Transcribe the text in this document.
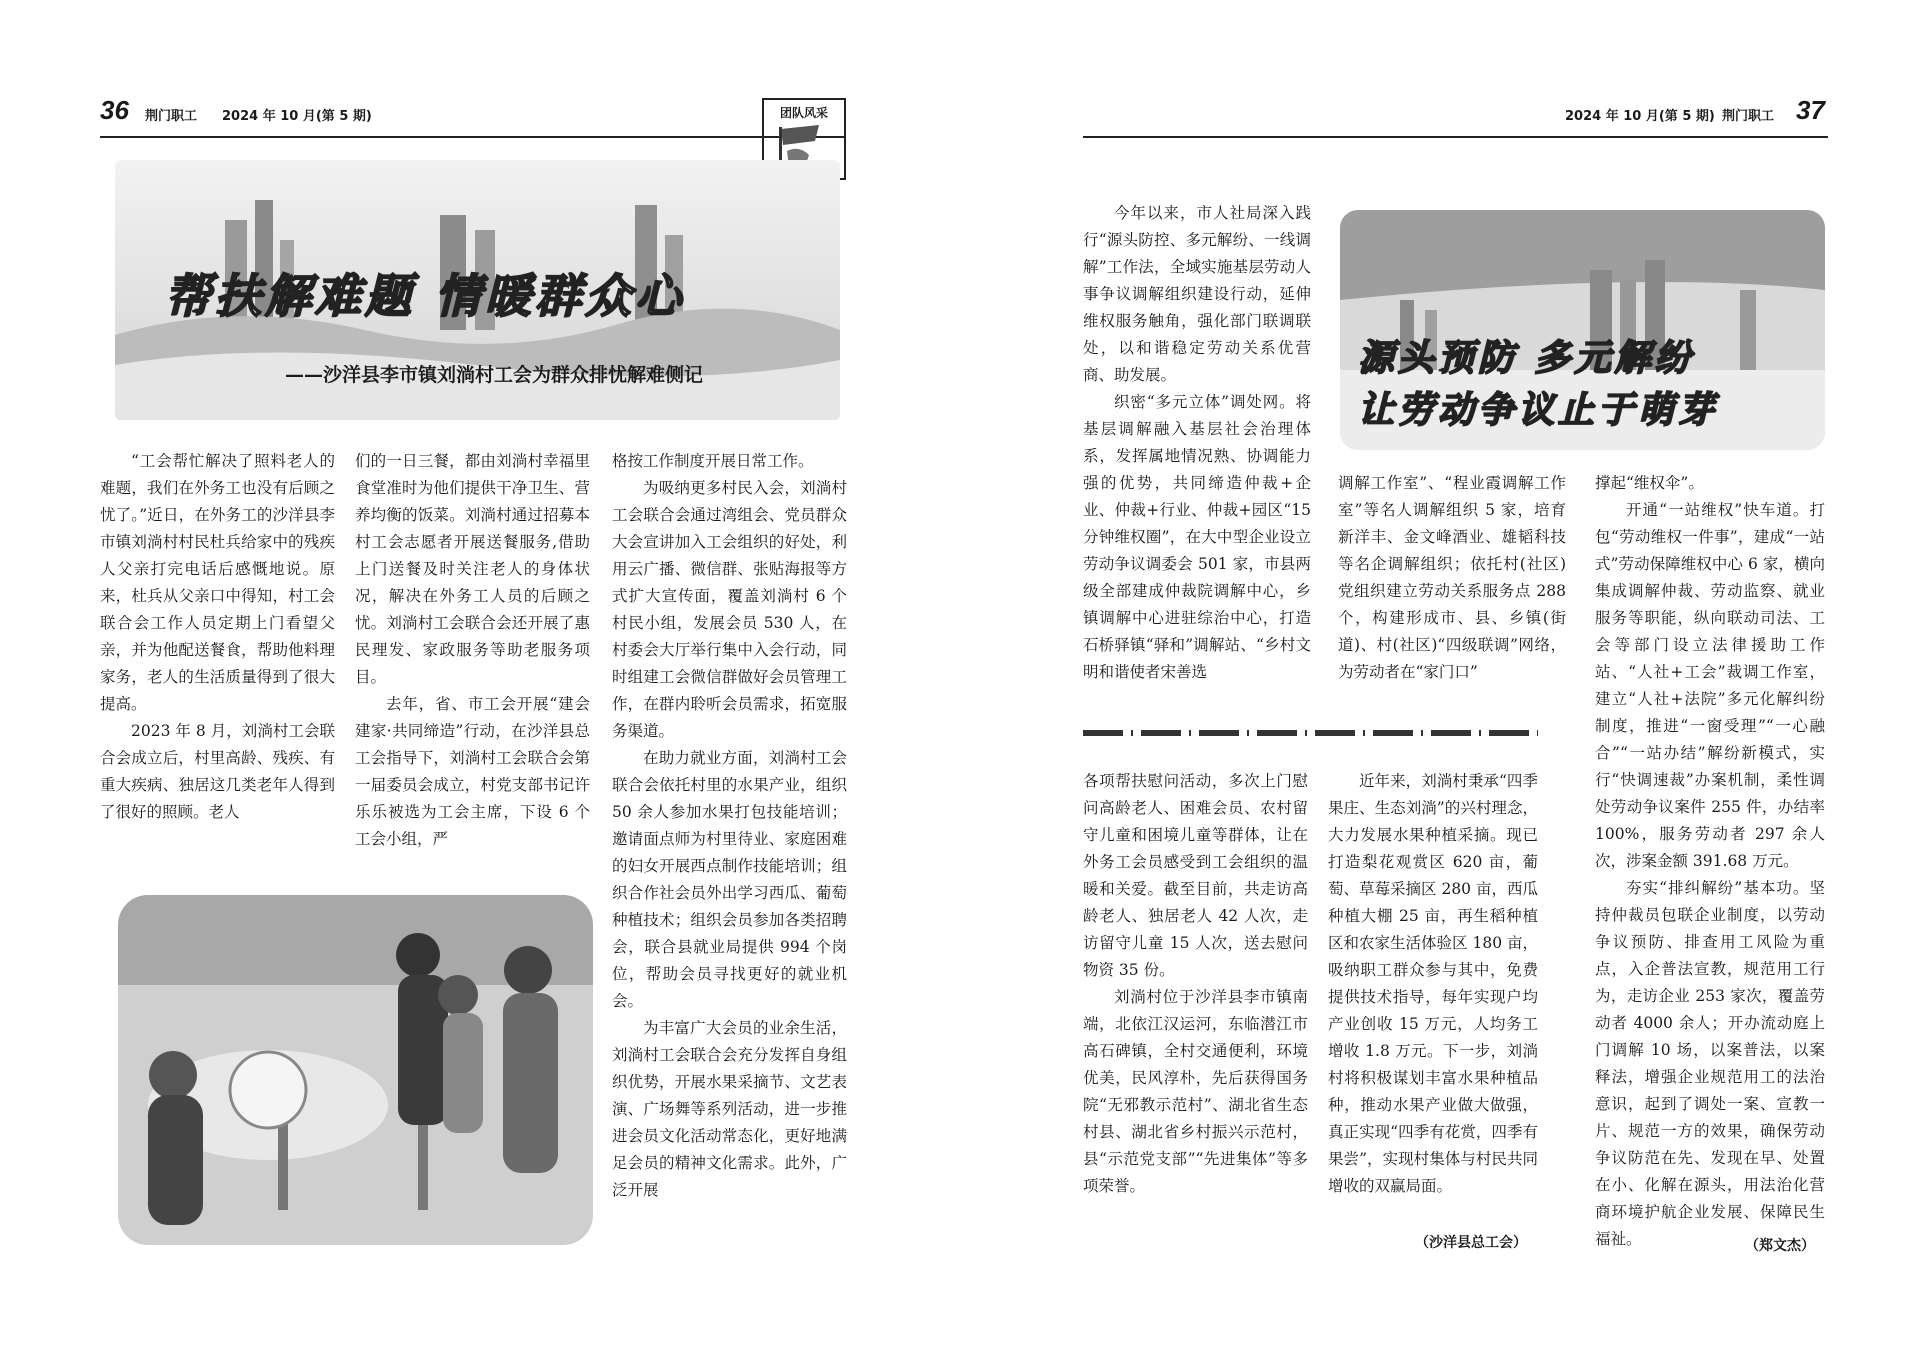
36 荆门职工 2024 年 10 月(第 5 期)	团队风采
帮扶解难题 情暖群众心
——沙洋县李市镇刘淌村工会为群众排忧解难侧记

“工会帮忙解决了照料老人的难题，我们在外务工也没有后顾之忧了。”近日，在外务工的沙洋县李市镇刘淌村村民杜兵给家中的残疾人父亲打完电话后感慨地说。原来，杜兵从父亲口中得知，村工会联合会工作人员定期上门看望父亲，并为他配送餐食，帮助他料理家务，老人的生活质量得到了很大提高。

2023 年 8 月，刘淌村工会联合会成立后，村里高龄、残疾、有重大疾病、独居这几类老年人得到了很好的照顾。老人

们的一日三餐，都由刘淌村幸福里食堂准时为他们提供干净卫生、营养均衡的饭菜。刘淌村通过招募本村工会志愿者开展送餐服务,借助上门送餐及时关注老人的身体状况，解决在外务工人员的后顾之忧。刘淌村工会联合会还开展了惠民理发、家政服务等助老服务项目。

去年，省、市工会开展“建会建家·共同缔造”行动，在沙洋县总工会指导下，刘淌村工会联合会第一届委员会成立，村党支部书记许乐乐被选为工会主席，下设 6 个工会小组，严

格按工作制度开展日常工作。

为吸纳更多村民入会，刘淌村工会联合会通过湾组会、党员群众大会宣讲加入工会组织的好处，利用云广播、微信群、张贴海报等方式扩大宣传面，覆盖刘淌村 6 个村民小组，发展会员 530 人，在村委会大厅举行集中入会行动，同时组建工会微信群做好会员管理工作，在群内聆听会员需求，拓宽服务渠道。

在助力就业方面，刘淌村工会联合会依托村里的水果产业，组织 50 余人参加水果打包技能培训；邀请面点师为村里待业、家庭困难的妇女开展西点制作技能培训；组织合作社会员外出学习西瓜、葡萄种植技术；组织会员参加各类招聘会，联合县就业局提供 994 个岗位，帮助会员寻找更好的就业机会。

为丰富广大会员的业余生活，刘淌村工会联合会充分发挥自身组织优势，开展水果采摘节、文艺表演、广场舞等系列活动，进一步推进会员文化活动常态化，更好地满足会员的精神文化需求。此外，广泛开展

2024 年 10 月(第 5 期) 荆门职工 37
源头预防 多元解纷
让劳动争议止于萌芽

今年以来，市人社局深入践行“源头防控、多元解纷、一线调解”工作法，全域实施基层劳动人事争议调解组织建设行动，延伸维权服务触角，强化部门联调联处，以和谐稳定劳动关系优营商、助发展。

织密“多元立体”调处网。将基层调解融入基层社会治理体系，发挥属地情况熟、协调能力强的优势，共同缔造仲裁+企业、仲裁+行业、仲裁+园区“15分钟维权圈”，在大中型企业设立劳动争议调委会 501 家，市县两级全部建成仲裁院调解中心，乡镇调解中心进驻综治中心，打造石桥驿镇“驿和”调解站、“乡村文明和谐使者宋善选

调解工作室”、“程业霞调解工作室”等名人调解组织 5 家，培育新洋丰、金文峰酒业、雄韬科技等名企调解组织；依托村(社区)党组织建立劳动关系服务点 288 个，构建形成市、县、乡镇(街道)、村(社区)“四级联调”网络，为劳动者在“家门口”

撑起“维权伞”。

开通“一站维权”快车道。打包“劳动维权一件事”，建成“一站式”劳动保障维权中心 6 家，横向集成调解仲裁、劳动监察、就业服务等职能，纵向联动司法、工会等部门设立法律援助工作站、“人社+工会”裁调工作室，建立“人社+法院”多元化解纠纷制度，推进“一窗受理”“一心融合”“一站办结”解纷新模式，实行“快调速裁”办案机制，柔性调处劳动争议案件 255 件，办结率 100%，服务劳动者 297 余人次，涉案金额 391.68 万元。

夯实“排纠解纷”基本功。坚持仲裁员包联企业制度，以劳动争议预防、排查用工风险为重点，入企普法宣教，规范用工行为，走访企业 253 家次，覆盖劳动者 4000 余人；开办流动庭上门调解 10 场，以案普法，以案释法，增强企业规范用工的法治意识，起到了调处一案、宣教一片、规范一方的效果，确保劳动争议防范在先、发现在早、处置在小、化解在源头，用法治化营商环境护航企业发展、保障民生福祉。	（郑文杰）

各项帮扶慰问活动，多次上门慰问高龄老人、困难会员、农村留守儿童和困境儿童等群体，让在外务工会员感受到工会组织的温暖和关爱。截至目前，共走访高龄老人、独居老人 42 人次，走访留守儿童 15 人次，送去慰问物资 35 份。

刘淌村位于沙洋县李市镇南端，北依江汉运河，东临潜江市高石碑镇，全村交通便利，环境优美，民风淳朴，先后获得国务院“无邪教示范村”、湖北省生态村县、湖北省乡村振兴示范村，县“示范党支部”“先进集体”等多项荣誉。

近年来，刘淌村秉承“四季果庄、生态刘淌”的兴村理念，大力发展水果种植采摘。现已打造梨花观赏区 620 亩，葡萄、草莓采摘区 280 亩，西瓜种植大棚 25 亩，再生稻种植区和农家生活体验区 180 亩，吸纳职工群众参与其中，免费提供技术指导，每年实现户均产业创收 15 万元，人均务工增收 1.8 万元。下一步，刘淌村将积极谋划丰富水果种植品种，推动水果产业做大做强，真正实现“四季有花赏，四季有果尝”，实现村集体与村民共同增收的双赢局面。

（沙洋县总工会）
